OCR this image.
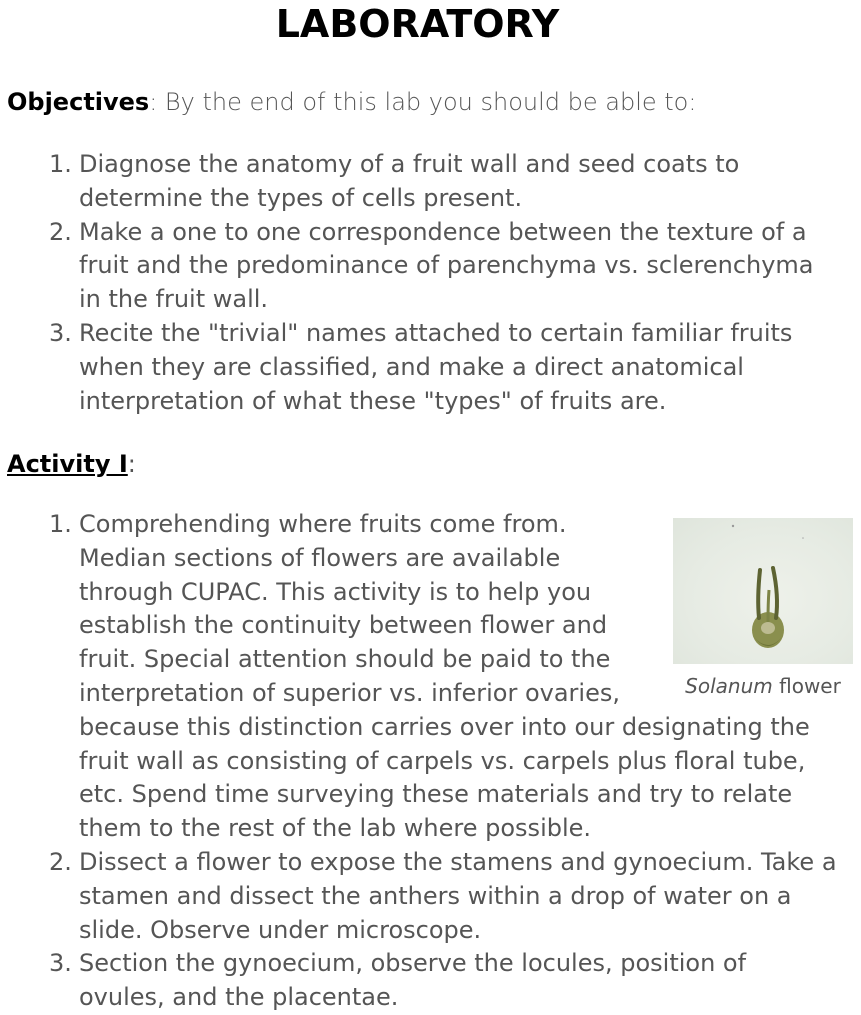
LABORATORY
Objectives: By the end of this lab you should be able to:
1. Diagnose the anatomy of a fruit wall and seed coats to determine the types of cells present.
2. Make a one to one correspondence between the texture of a fruit and the predominance of parenchyma vs. sclerenchyma in the fruit wall.
3. Recite the "trivial" names attached to certain familiar fruits when they are classified, and make a direct anatomical interpretation of what these "types" of fruits are.
Activity I:
Solanum flower
1. Comprehending where fruits come from. Median sections of flowers are available through CUPAC. This activity is to help you establish the continuity between flower and fruit. Special attention should be paid to the interpretation of superior vs. inferior ovaries, because this distinction carries over into our designating the fruit wall as consisting of carpels vs. carpels plus floral tube, etc. Spend time surveying these materials and try to relate them to the rest of the lab where possible.
2. Dissect a flower to expose the stamens and gynoecium. Take a stamen and dissect the anthers within a drop of water on a slide. Observe under microscope.
3. Section the gynoecium, observe the locules, position of ovules, and the placentae.
